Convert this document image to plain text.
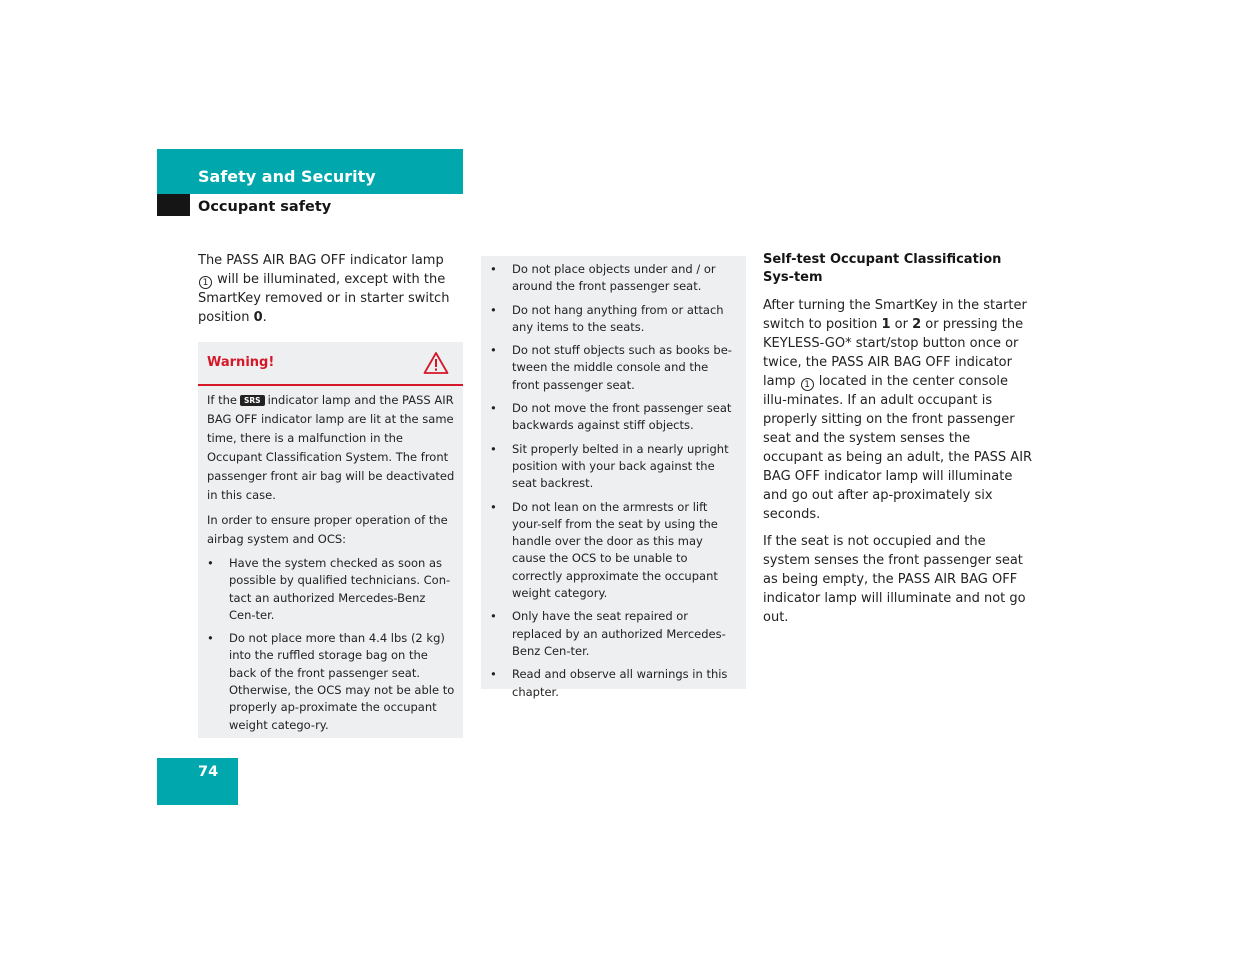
Safety and Security
Occupant safety

The PASS AIR BAG OFF indicator lamp 1 will be illuminated, except with the SmartKey removed or in starter switch position 0.

Warning!

If the SRS indicator lamp and the PASS AIR BAG OFF indicator lamp are lit at the same time, there is a malfunction in the Occupant Classification System. The front passenger front air bag will be deactivated in this case.

In order to ensure proper operation of the airbag system and OCS:

• Have the system checked as soon as possible by qualified technicians. Con-tact an authorized Mercedes-Benz Cen-ter.
• Do not place more than 4.4 lbs (2 kg) into the ruffled storage bag on the back of the front passenger seat. Otherwise, the OCS may not be able to properly ap-proximate the occupant weight catego-ry.
• Do not place objects under and / or around the front passenger seat.
• Do not hang anything from or attach any items to the seats.
• Do not stuff objects such as books be-tween the middle console and the front passenger seat.
• Do not move the front passenger seat backwards against stiff objects.
• Sit properly belted in a nearly upright position with your back against the seat backrest.
• Do not lean on the armrests or lift your-self from the seat by using the handle over the door as this may cause the OCS to be unable to correctly approximate the occupant weight category.
• Only have the seat repaired or replaced by an authorized Mercedes-Benz Cen-ter.
• Read and observe all warnings in this chapter.
Self-test Occupant Classification Sys-tem

After turning the SmartKey in the starter switch to position 1 or 2 or pressing the KEYLESS-GO* start/stop button once or twice, the PASS AIR BAG OFF indicator lamp 1 located in the center console illu-minates. If an adult occupant is properly sitting on the front passenger seat and the system senses the occupant as being an adult, the PASS AIR BAG OFF indicator lamp will illuminate and go out after ap-proximately six seconds.

If the seat is not occupied and the system senses the front passenger seat as being empty, the PASS AIR BAG OFF indicator lamp will illuminate and not go out.

74
